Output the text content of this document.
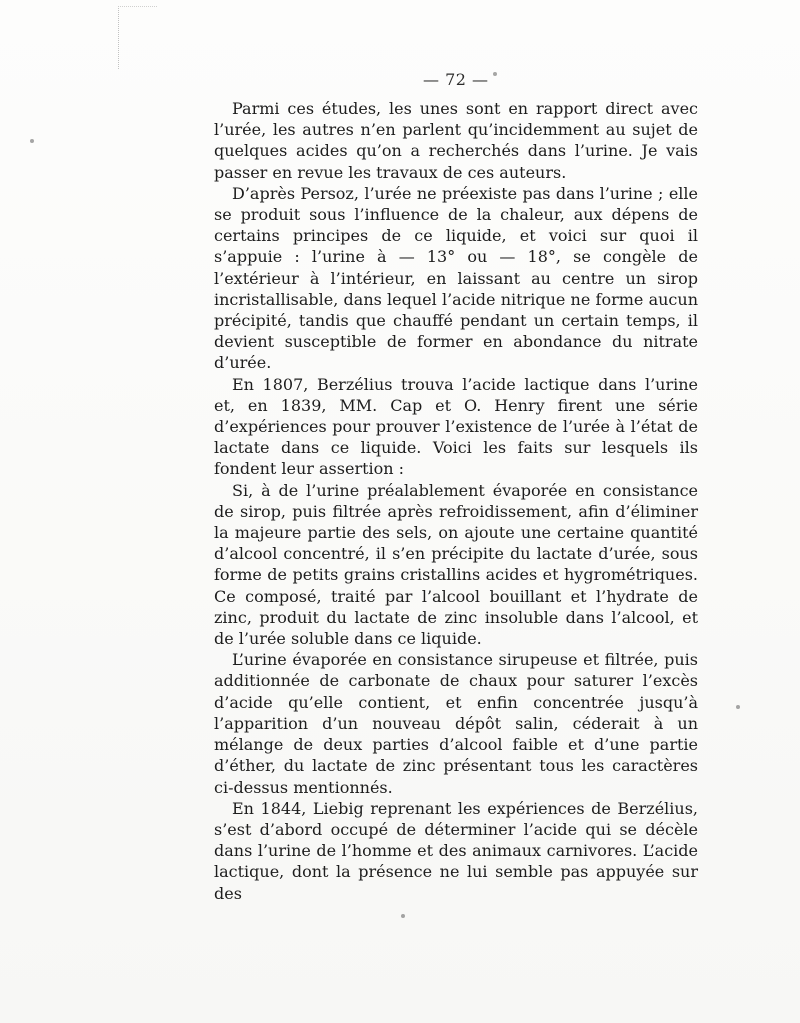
— 72 —

Parmi ces études, les unes sont en rapport direct avec l’urée, les autres n’en parlent qu’incidemment au sujet de quelques acides qu’on a recherchés dans l’urine. Je vais passer en revue les travaux de ces auteurs.

D’après Persoz, l’urée ne préexiste pas dans l’urine ; elle se produit sous l’influence de la chaleur, aux dépens de certains principes de ce liquide, et voici sur quoi il s’appuie : l’urine à — 13° ou — 18°, se congèle de l’extérieur à l’intérieur, en laissant au centre un sirop incristallisable, dans lequel l’acide nitrique ne forme aucun précipité, tandis que chauffé pendant un certain temps, il devient susceptible de former en abondance du nitrate d’urée.

En 1807, Berzélius trouva l’acide lactique dans l’urine et, en 1839, MM. Cap et O. Henry firent une série d’expériences pour prouver l’existence de l’urée à l’état de lactate dans ce liquide. Voici les faits sur lesquels ils fondent leur assertion :

Si, à de l’urine préalablement évaporée en consistance de sirop, puis filtrée après refroidissement, afin d’éliminer la majeure partie des sels, on ajoute une certaine quantité d’alcool concentré, il s’en précipite du lactate d’urée, sous forme de petits grains cristallins acides et hygrométriques. Ce composé, traité par l’alcool bouillant et l’hydrate de zinc, produit du lactate de zinc insoluble dans l’alcool, et de l’urée soluble dans ce liquide.

L’urine évaporée en consistance sirupeuse et filtrée, puis additionnée de carbonate de chaux pour saturer l’excès d’acide qu’elle contient, et enfin concentrée jusqu’à l’apparition d’un nouveau dépôt salin, céderait à un mélange de deux parties d’alcool faible et d’une partie d’éther, du lactate de zinc présentant tous les caractères ci-dessus mentionnés.

En 1844, Liebig reprenant les expériences de Berzélius, s’est d’abord occupé de déterminer l’acide qui se décèle dans l’urine de l’homme et des animaux carnivores. L’acide lactique, dont la présence ne lui semble pas appuyée sur des
